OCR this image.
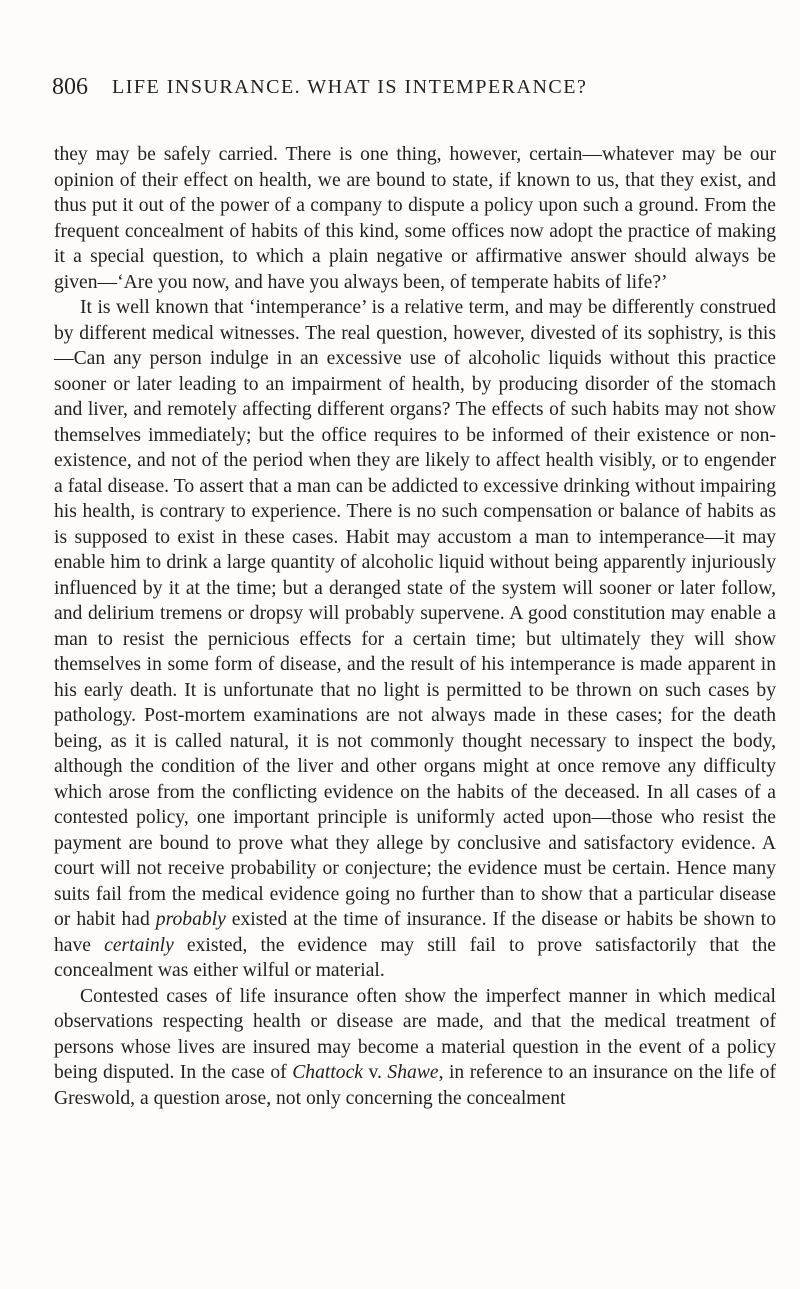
806 LIFE INSURANCE. WHAT IS INTEMPERANCE?

they may be safely carried. There is one thing, however, certain—whatever may be our opinion of their effect on health, we are bound to state, if known to us, that they exist, and thus put it out of the power of a company to dispute a policy upon such a ground. From the frequent concealment of habits of this kind, some offices now adopt the practice of making it a special question, to which a plain negative or affirmative answer should always be given—‘Are you now, and have you always been, of temperate habits of life?’

It is well known that ‘intemperance’ is a relative term, and may be differently construed by different medical witnesses. The real question, however, divested of its sophistry, is this—Can any person indulge in an excessive use of alcoholic liquids without this practice sooner or later leading to an impairment of health, by producing disorder of the stomach and liver, and remotely affecting different organs? The effects of such habits may not show themselves immediately; but the office requires to be informed of their existence or non-existence, and not of the period when they are likely to affect health visibly, or to engender a fatal disease. To assert that a man can be addicted to excessive drinking without impairing his health, is contrary to experience. There is no such compensation or balance of habits as is supposed to exist in these cases. Habit may accustom a man to intemperance—it may enable him to drink a large quantity of alcoholic liquid without being apparently injuriously influenced by it at the time; but a deranged state of the system will sooner or later follow, and delirium tremens or dropsy will probably supervene. A good constitution may enable a man to resist the pernicious effects for a certain time; but ultimately they will show themselves in some form of disease, and the result of his intemperance is made apparent in his early death. It is unfortunate that no light is permitted to be thrown on such cases by pathology. Post-mortem examinations are not always made in these cases; for the death being, as it is called natural, it is not commonly thought necessary to inspect the body, although the condition of the liver and other organs might at once remove any difficulty which arose from the conflicting evidence on the habits of the deceased. In all cases of a contested policy, one important principle is uniformly acted upon—those who resist the payment are bound to prove what they allege by conclusive and satisfactory evidence. A court will not receive probability or conjecture; the evidence must be certain. Hence many suits fail from the medical evidence going no further than to show that a particular disease or habit had probably existed at the time of insurance. If the disease or habits be shown to have certainly existed, the evidence may still fail to prove satisfactorily that the concealment was either wilful or material.

Contested cases of life insurance often show the imperfect manner in which medical observations respecting health or disease are made, and that the medical treatment of persons whose lives are insured may become a material question in the event of a policy being disputed. In the case of Chattock v. Shawe, in reference to an insurance on the life of Greswold, a question arose, not only concerning the concealment
